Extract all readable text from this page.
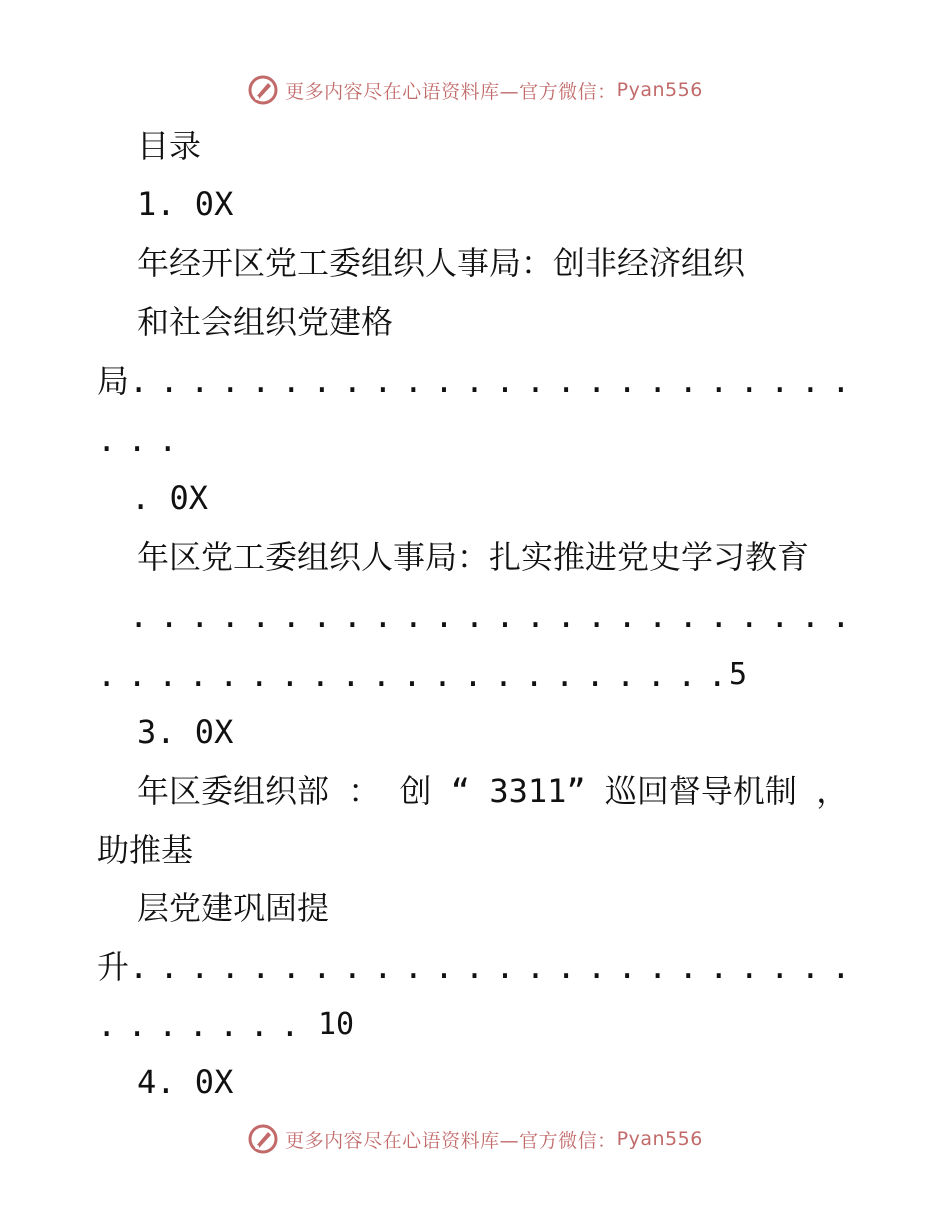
更多内容尽在心语资料库—官方微信： Pyan556
目录
1. 0X
年经开区党工委组织人事局：创非经济组织
和社会组织党建格
局
. . .
. . .
. 0X
年区党工委组织人事局：扎实推进党史学习教育
. . .
. . .
5
3. 0X
年区委组织部 ： 创 “ 3311” 巡回督导机制 ，
助推基
层党建巩固提
升
. . .
. . .
10
4. 0X
更多内容尽在心语资料库—官方微信： Pyan556
